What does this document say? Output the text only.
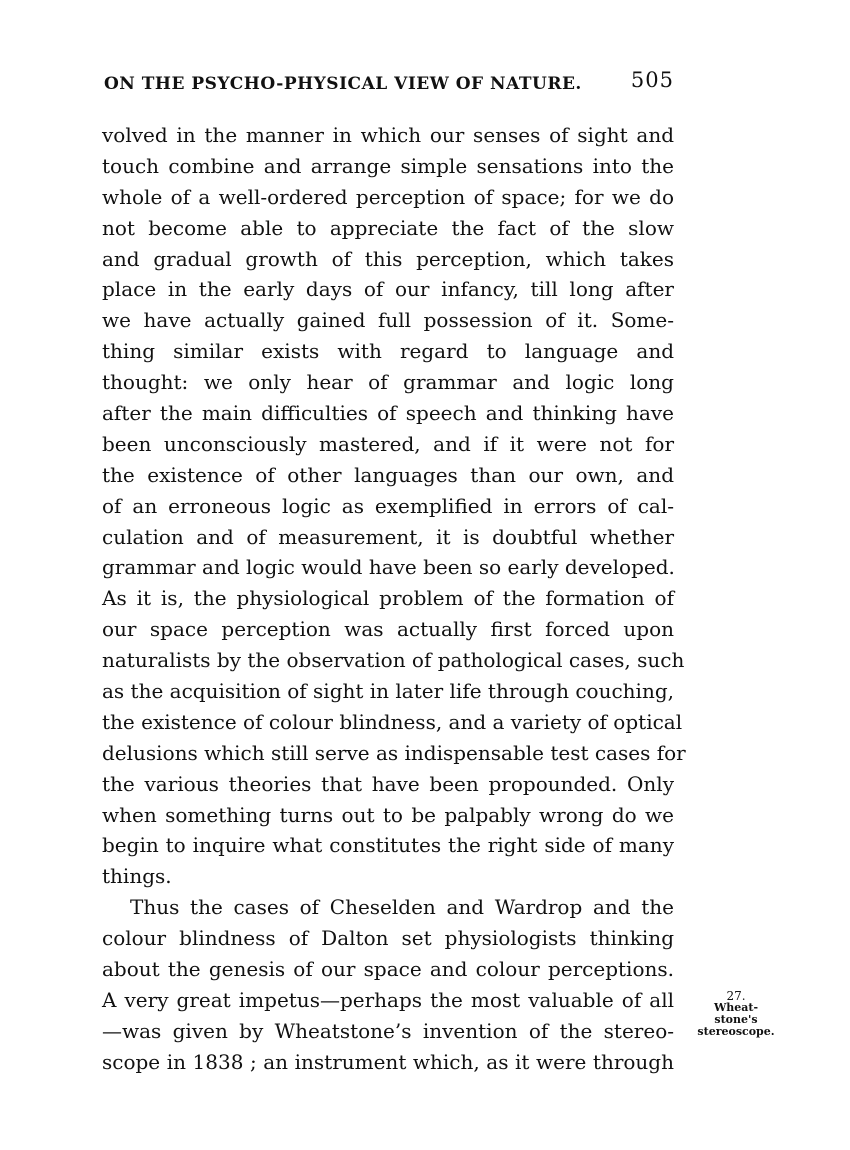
ON THE PSYCHO-PHYSICAL VIEW OF NATURE. 505
volved in the manner in which our senses of sight and
touch combine and arrange simple sensations into the
whole of a well-ordered perception of space; for we do
not become able to appreciate the fact of the slow
and gradual growth of this perception, which takes
place in the early days of our infancy, till long after
we have actually gained full possession of it. Some-
thing similar exists with regard to language and
thought: we only hear of grammar and logic long
after the main difficulties of speech and thinking have
been unconsciously mastered, and if it were not for
the existence of other languages than our own, and
of an erroneous logic as exemplified in errors of cal-
culation and of measurement, it is doubtful whether
grammar and logic would have been so early developed.
As it is, the physiological problem of the formation of
our space perception was actually first forced upon
naturalists by the observation of pathological cases, such
as the acquisition of sight in later life through couching,
the existence of colour blindness, and a variety of optical
delusions which still serve as indispensable test cases for
the various theories that have been propounded. Only
when something turns out to be palpably wrong do we
begin to inquire what constitutes the right side of many
things.
Thus the cases of Cheselden and Wardrop and the
colour blindness of Dalton set physiologists thinking
about the genesis of our space and colour perceptions.
A very great impetus—perhaps the most valuable of all
—was given by Wheatstone’s invention of the stereo-
scope in 1838 ; an instrument which, as it were through
27.
Wheat-
stone's
stereoscope.
